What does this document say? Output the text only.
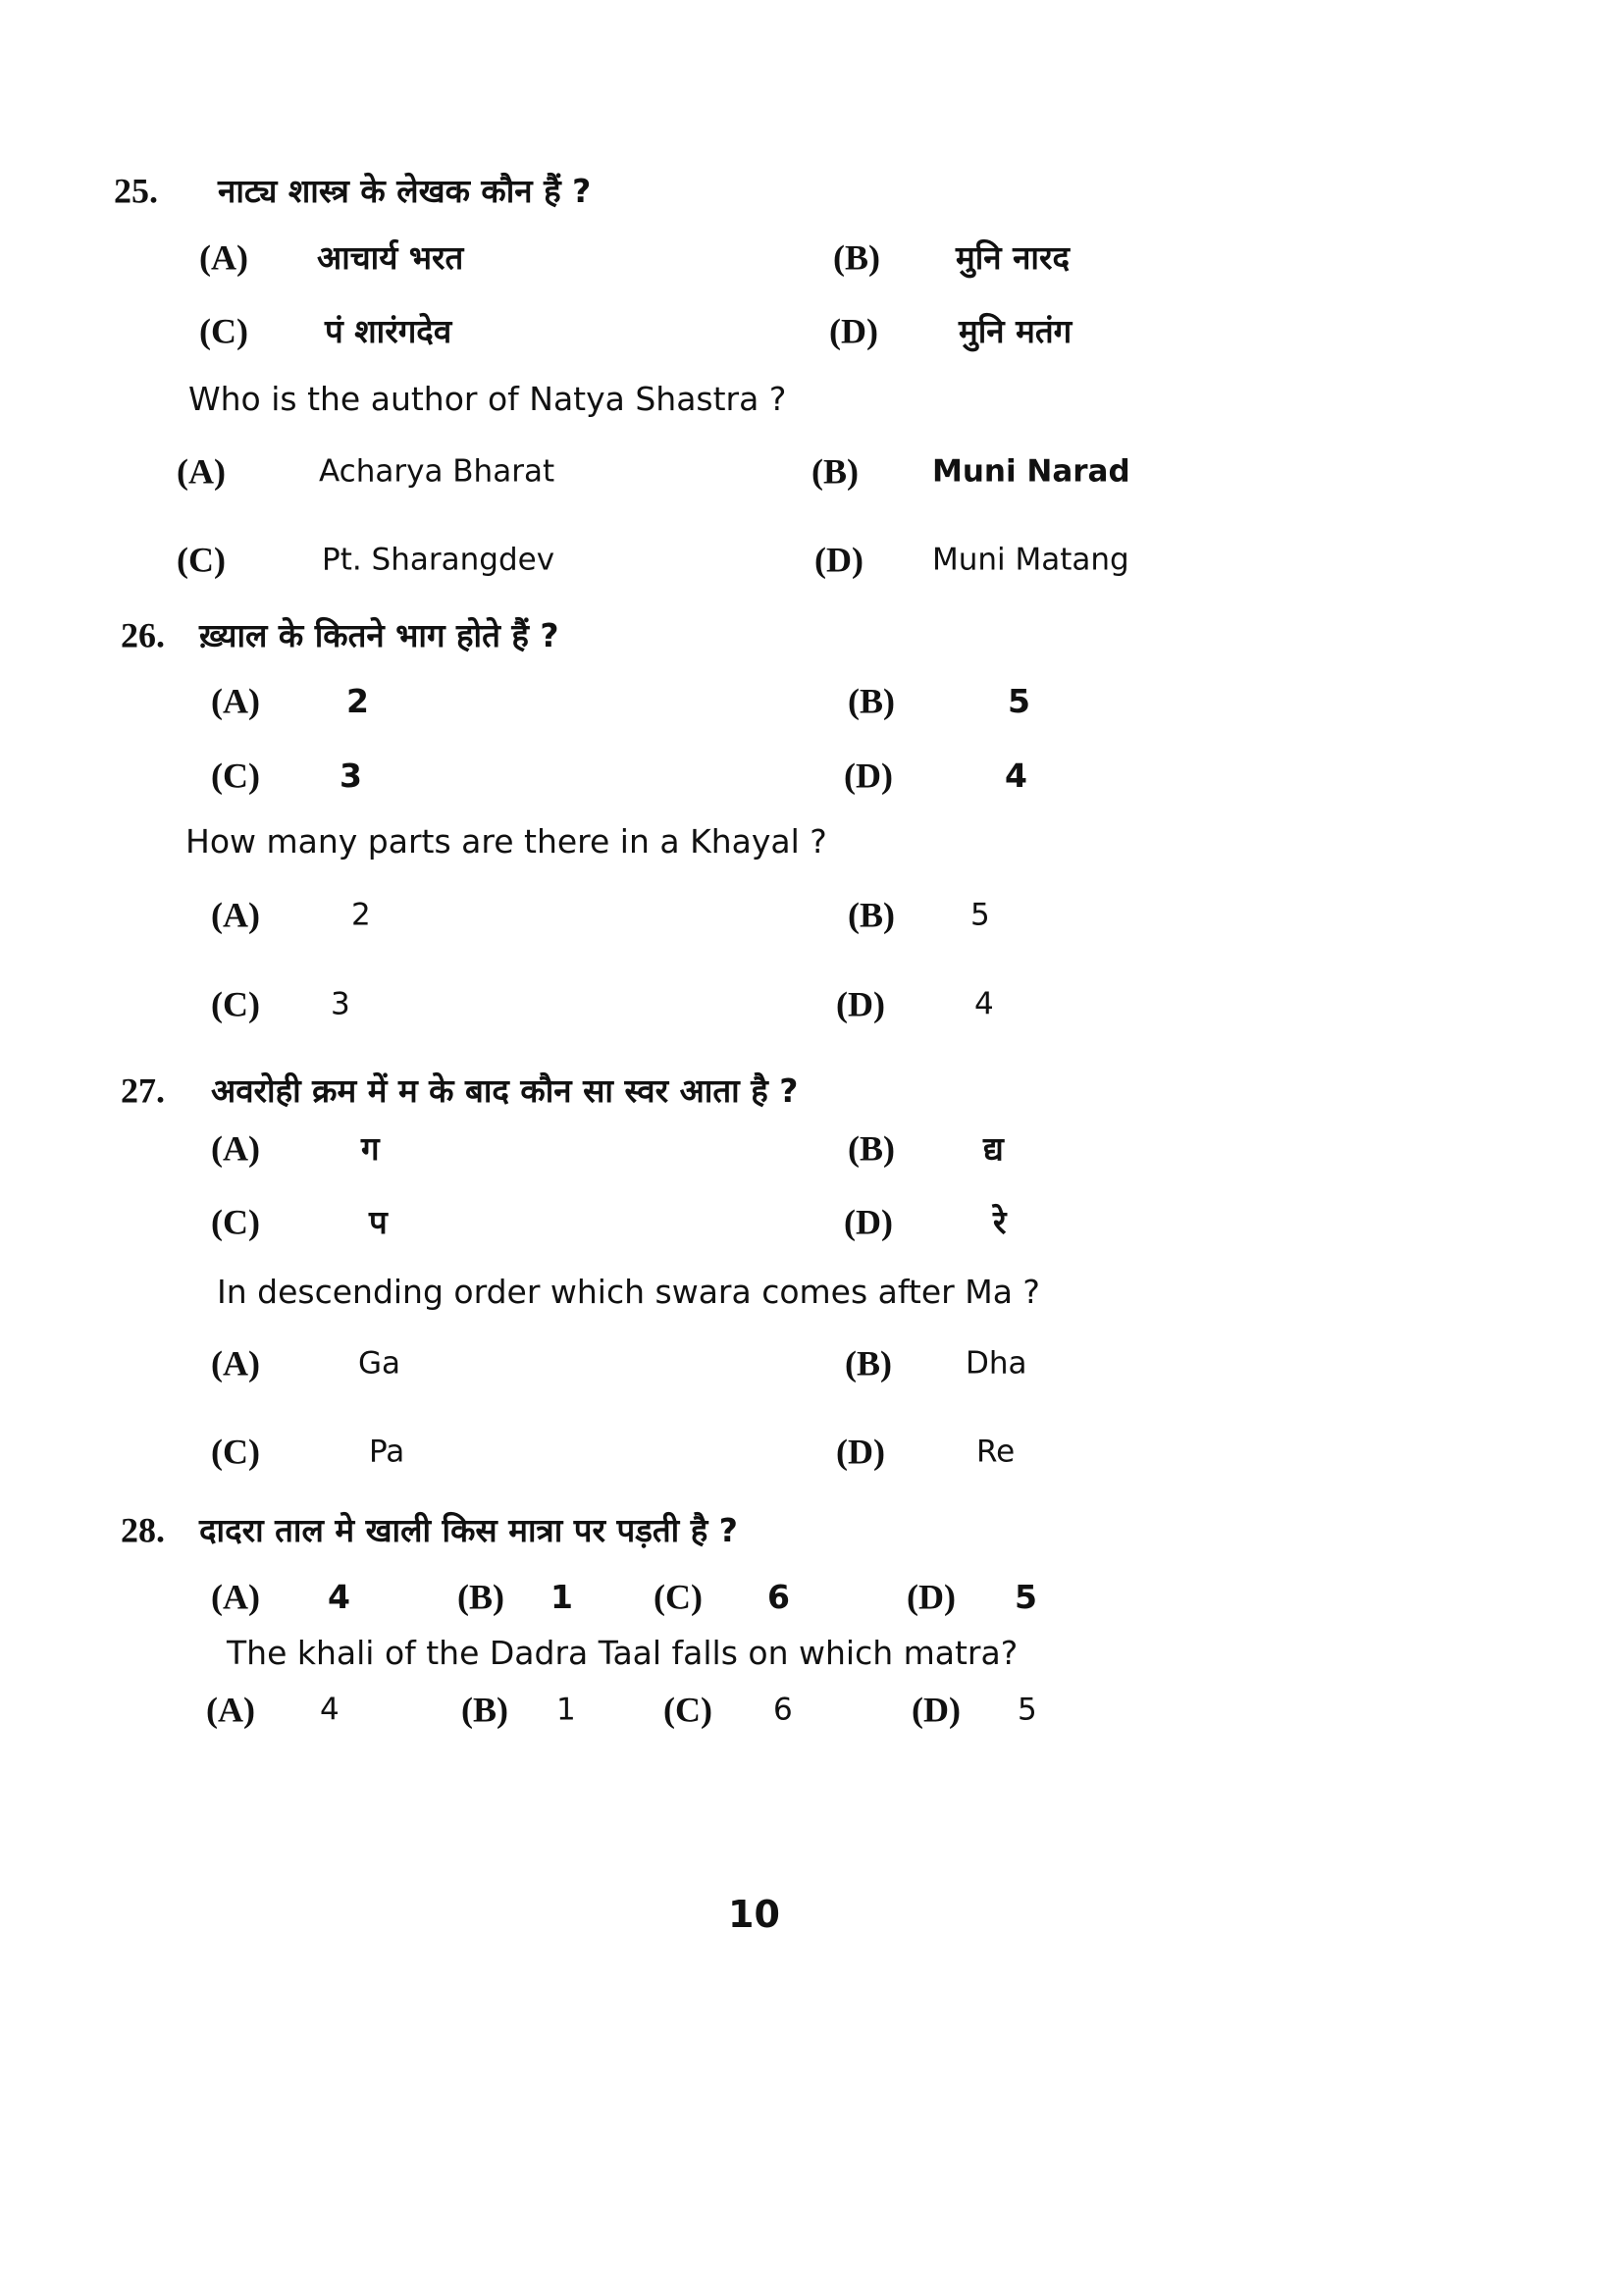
10
25. नाट्य शास्त्र के लेखक कौन हैं ?
Who is the author of Natya Shastra ?
(A) आचार्य भरत	(B) मुनि नारद
(C) पं शारंगदेव	(D) मुनि मतंग
(A)	Acharya Bharat	(B) Muni Narad
(C)	Pt. Sharangdev	(D) Muni Matang
26. ख़्याल के कितने भाग होते हैं ?
How many parts are there in a Khayal ?
(A)	2	(B)	5
(C) 3	(D)	4
(A)	2	(B) 5
(C) 3	(D)	4
27. अवरोही क्रम में म के बाद कौन सा स्वर आता है ?
In descending order which swara comes after Ma ?
(A)	ग	(B)	द्य
(C)	प	(D)	रे
(A)	Ga	(B) Dha
(C)	Pa	(D)	Re
28. दादरा ताल मे खाली किस मात्रा पर पड़ती है ?
The khali of the Dadra Taal falls on which matra?
(A) 4	(B) 1 (C) 6	(D) 5
(A) 4	(B) 1 (C) 6	(D) 5
